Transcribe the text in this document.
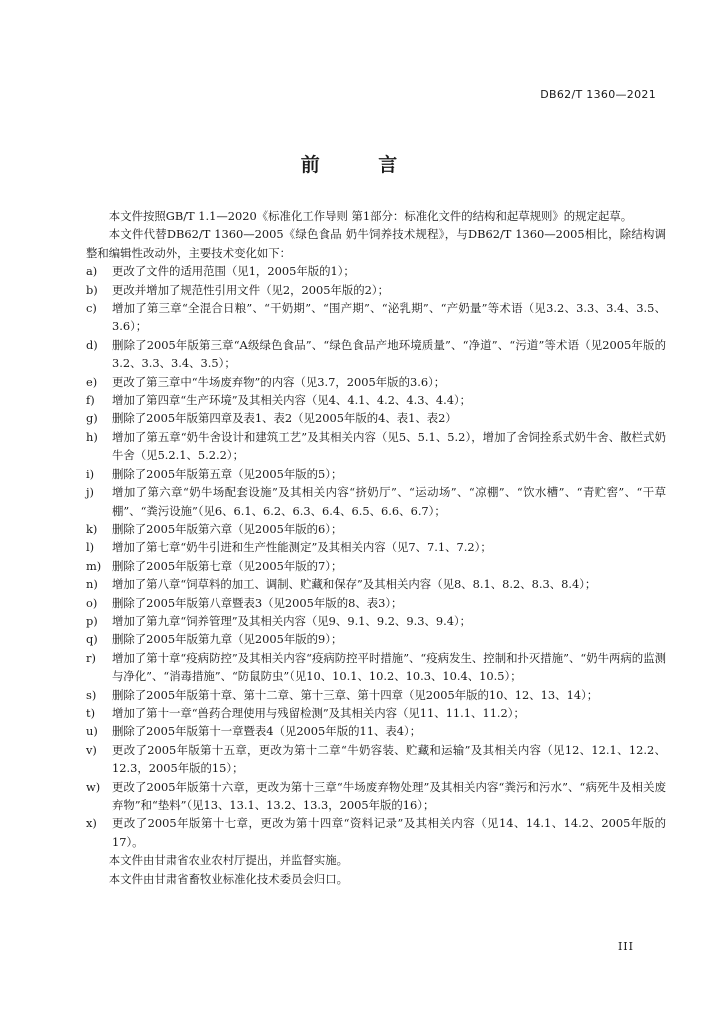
DB62/T 1360—2021
前 言

本文件按照GB/T 1.1—2020《标准化工作导则 第1部分：标准化文件的结构和起草规则》的规定起草。

本文件代替DB62/T 1360—2005《绿色食品 奶牛饲养技术规程》，与DB62/T 1360—2005相比，除结构调整和编辑性改动外，主要技术变化如下：

a)	更改了文件的适用范围（见1，2005年版的1）；
b)	更改并增加了规范性引用文件（见2，2005年版的2）；
c)	增加了第三章“全混合日粮”、“干奶期”、“围产期”、“泌乳期”、“产奶量”等术语（见3.2、3.3、3.4、3.5、3.6）；
d)	删除了2005年版第三章“A级绿色食品”、“绿色食品产地环境质量”、“净道”、“污道”等术语（见2005年版的3.2、3.3、3.4、3.5）；
e)	更改了第三章中“牛场废弃物”的内容（见3.7，2005年版的3.6）；
f)	增加了第四章“生产环境”及其相关内容（见4、4.1、4.2、4.3、4.4）；
g)	删除了2005年版第四章及表1、表2（见2005年版的4、表1、表2）
h)	增加了第五章“奶牛舍设计和建筑工艺”及其相关内容（见5、5.1、5.2），增加了舍饲拴系式奶牛舍、散栏式奶牛舍（见5.2.1、5.2.2）；
i)	删除了2005年版第五章（见2005年版的5）；
j)	增加了第六章“奶牛场配套设施”及其相关内容“挤奶厅”、“运动场”、“凉棚”、“饮水槽”、“青贮窖”、“干草棚”、“粪污设施”（见6、6.1、6.2、6.3、6.4、6.5、6.6、6.7）；
k)	删除了2005年版第六章（见2005年版的6）；
l)	增加了第七章“奶牛引进和生产性能测定”及其相关内容（见7、7.1、7.2）；
m) 删除了2005年版第七章（见2005年版的7）；
n)	增加了第八章“饲草料的加工、调制、贮藏和保存”及其相关内容（见8、8.1、8.2、8.3、8.4）；
o)	删除了2005年版第八章暨表3（见2005年版的8、表3）；
p)	增加了第九章“饲养管理”及其相关内容（见9、9.1、9.2、9.3、9.4）；
q)	删除了2005年版第九章（见2005年版的9）；
r)	增加了第十章“疫病防控”及其相关内容“疫病防控平时措施”、“疫病发生、控制和扑灭措施”、“奶牛两病的监测与净化”、“消毒措施”、“防鼠防虫”（见10、10.1、10.2、10.3、10.4、10.5）；
s)	删除了2005年版第十章、第十二章、第十三章、第十四章（见2005年版的10、12、13、14）；
t)	增加了第十一章“兽药合理使用与残留检测”及其相关内容（见11、11.1、11.2）；
u)	删除了2005年版第十一章暨表4（见2005年版的11、表4）；
v)	更改了2005年版第十五章，更改为第十二章“牛奶容装、贮藏和运输”及其相关内容（见12、12.1、12.2、12.3，2005年版的15）；
w)	更改了2005年版第十六章，更改为第十三章“牛场废弃物处理”及其相关内容“粪污和污水”、“病死牛及相关废弃物”和“垫料”（见13、13.1、13.2、13.3，2005年版的16）；
x)	更改了2005年版第十七章，更改为第十四章“资料记录”及其相关内容（见14、14.1、14.2、2005年版的17）。

本文件由甘肃省农业农村厅提出，并监督实施。

本文件由甘肃省畜牧业标准化技术委员会归口。

III
